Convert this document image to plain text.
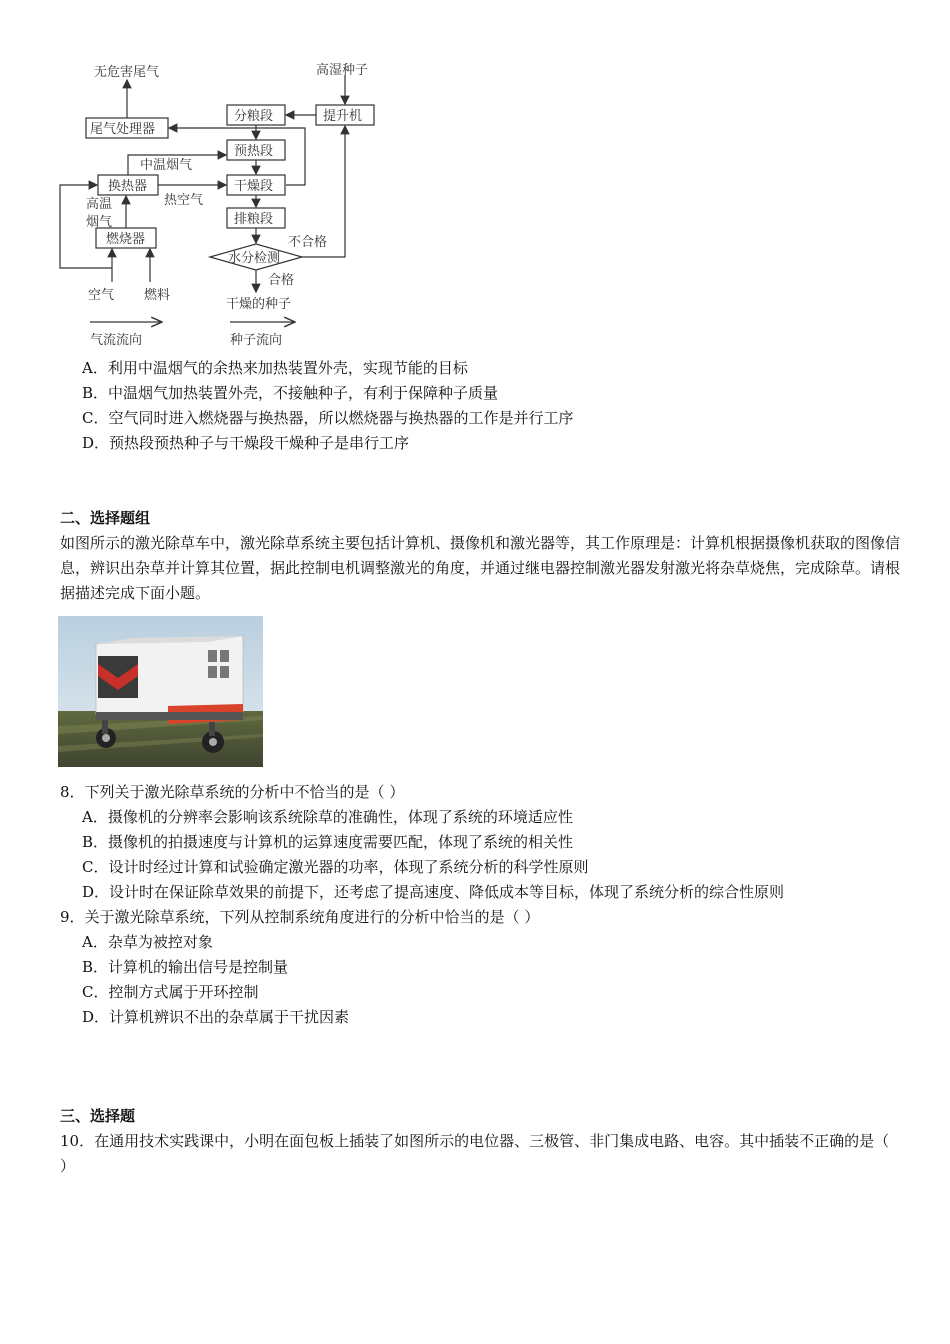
无危害尾气	高湿种子
尾气处理器
分粮段	提升机
预热段
换热器	干燥段
燃烧器
排粮段
水分检测
中温烟气
高温
烟气
热空气
不合格
合格
干燥的种子
空气 燃料
气流流向	种子流向
A．利用中温烟气的余热来加热装置外壳，实现节能的目标
B．中温烟气加热装置外壳，不接触种子，有利于保障种子质量
C．空气同时进入燃烧器与换热器，所以燃烧器与换热器的工作是并行工序
D．预热段预热种子与干燥段干燥种子是串行工序
二、选择题组
如图所示的激光除草车中，激光除草系统主要包括计算机、摄像机和激光器等，其工作原理是：计算机根据摄像机获取的图像信息，辨识出杂草并计算其位置，据此控制电机调整激光的角度，并通过继电器控制激光器发射激光将杂草烧焦，完成除草。请根据描述完成下面小题。
8．下列关于激光除草系统的分析中不恰当的是（ ）
A．摄像机的分辨率会影响该系统除草的准确性，体现了系统的环境适应性
B．摄像机的拍摄速度与计算机的运算速度需要匹配，体现了系统的相关性
C．设计时经过计算和试验确定激光器的功率，体现了系统分析的科学性原则
D．设计时在保证除草效果的前提下，还考虑了提高速度、降低成本等目标，体现了系统分析的综合性原则
9．关于激光除草系统，下列从控制系统角度进行的分析中恰当的是（ ）
A．杂草为被控对象
B．计算机的输出信号是控制量
C．控制方式属于开环控制
D．计算机辨识不出的杂草属于干扰因素
三、选择题
10．在通用技术实践课中，小明在面包板上插装了如图所示的电位器、三极管、非门集成电路、电容。其中插装不正确的是（ ）
